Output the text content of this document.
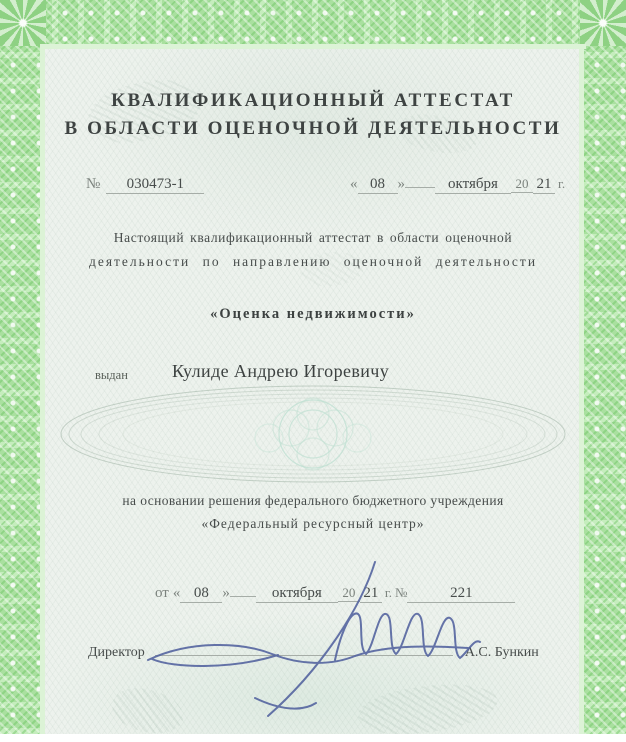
КВАЛИФИКАЦИОННЫЙ АТТЕСТАТ
В ОБЛАСТИ ОЦЕНОЧНОЙ ДЕЯТЕЛЬНОСТИ
№	030473-1	« 08 »	октября	20 21 г.
Настоящий квалификационный аттестат в области оценочной
деятельности по направлению оценочной деятельности
«Оценка недвижимости»
выдан Кулиде Андрею Игоревичу
на основании решения федерального бюджетного учреждения
«Федеральный ресурсный центр»
от « 08 »	октября	20 21 г. №	221
Директор	А.С. Бункин
